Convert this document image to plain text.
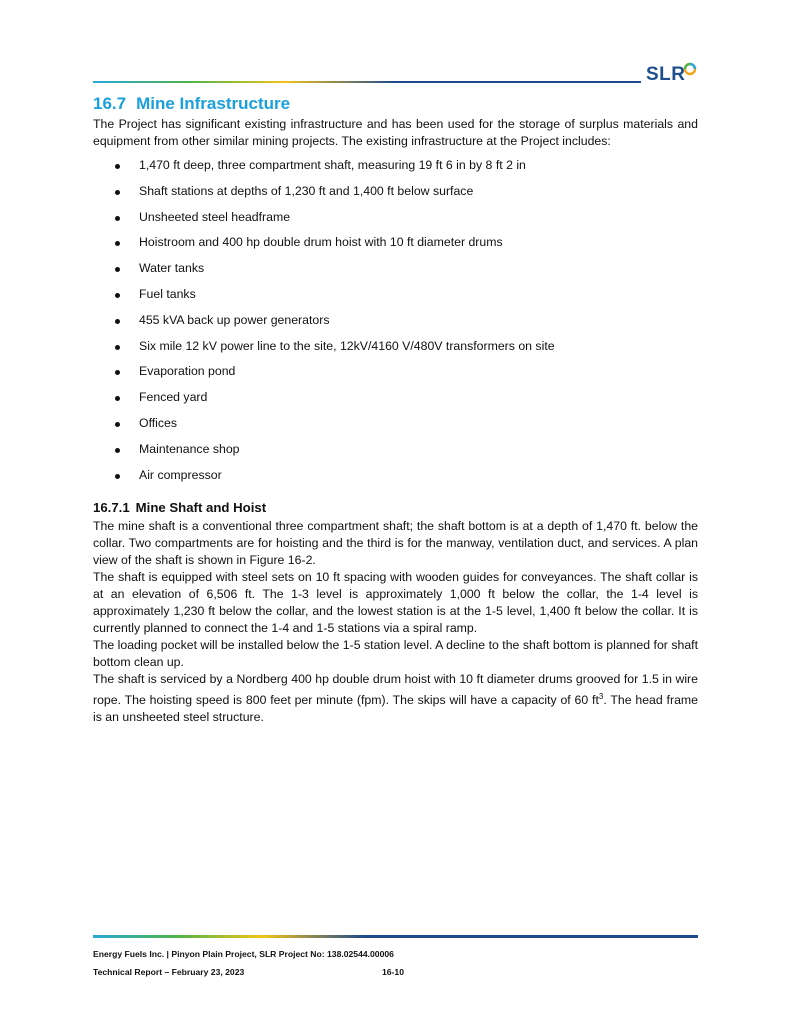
SLR
16.7 Mine Infrastructure

The Project has significant existing infrastructure and has been used for the storage of surplus materials and equipment from other similar mining projects. The existing infrastructure at the Project includes:

1,470 ft deep, three compartment shaft, measuring 19 ft 6 in by 8 ft 2 in
Shaft stations at depths of 1,230 ft and 1,400 ft below surface
Unsheeted steel headframe
Hoistroom and 400 hp double drum hoist with 10 ft diameter drums
Water tanks
Fuel tanks
455 kVA back up power generators
Six mile 12 kV power line to the site, 12kV/4160 V/480V transformers on site
Evaporation pond
Fenced yard
Offices
Maintenance shop
Air compressor
16.7.1 Mine Shaft and Hoist

The mine shaft is a conventional three compartment shaft; the shaft bottom is at a depth of 1,470 ft. below the collar. Two compartments are for hoisting and the third is for the manway, ventilation duct, and services. A plan view of the shaft is shown in Figure 16-2.

The shaft is equipped with steel sets on 10 ft spacing with wooden guides for conveyances. The shaft collar is at an elevation of 6,506 ft. The 1-3 level is approximately 1,000 ft below the collar, the 1-4 level is approximately 1,230 ft below the collar, and the lowest station is at the 1-5 level, 1,400 ft below the collar. It is currently planned to connect the 1-4 and 1-5 stations via a spiral ramp.

The loading pocket will be installed below the 1-5 station level. A decline to the shaft bottom is planned for shaft bottom clean up.

The shaft is serviced by a Nordberg 400 hp double drum hoist with 10 ft diameter drums grooved for 1.5 in wire rope. The hoisting speed is 800 feet per minute (fpm). The skips will have a capacity of 60 $ft^3$. The head frame is an unsheeted steel structure.

Energy Fuels Inc. | Pinyon Plain Project, SLR Project No: 138.02544.00006
Technical Report – February 23, 2023	16-10
